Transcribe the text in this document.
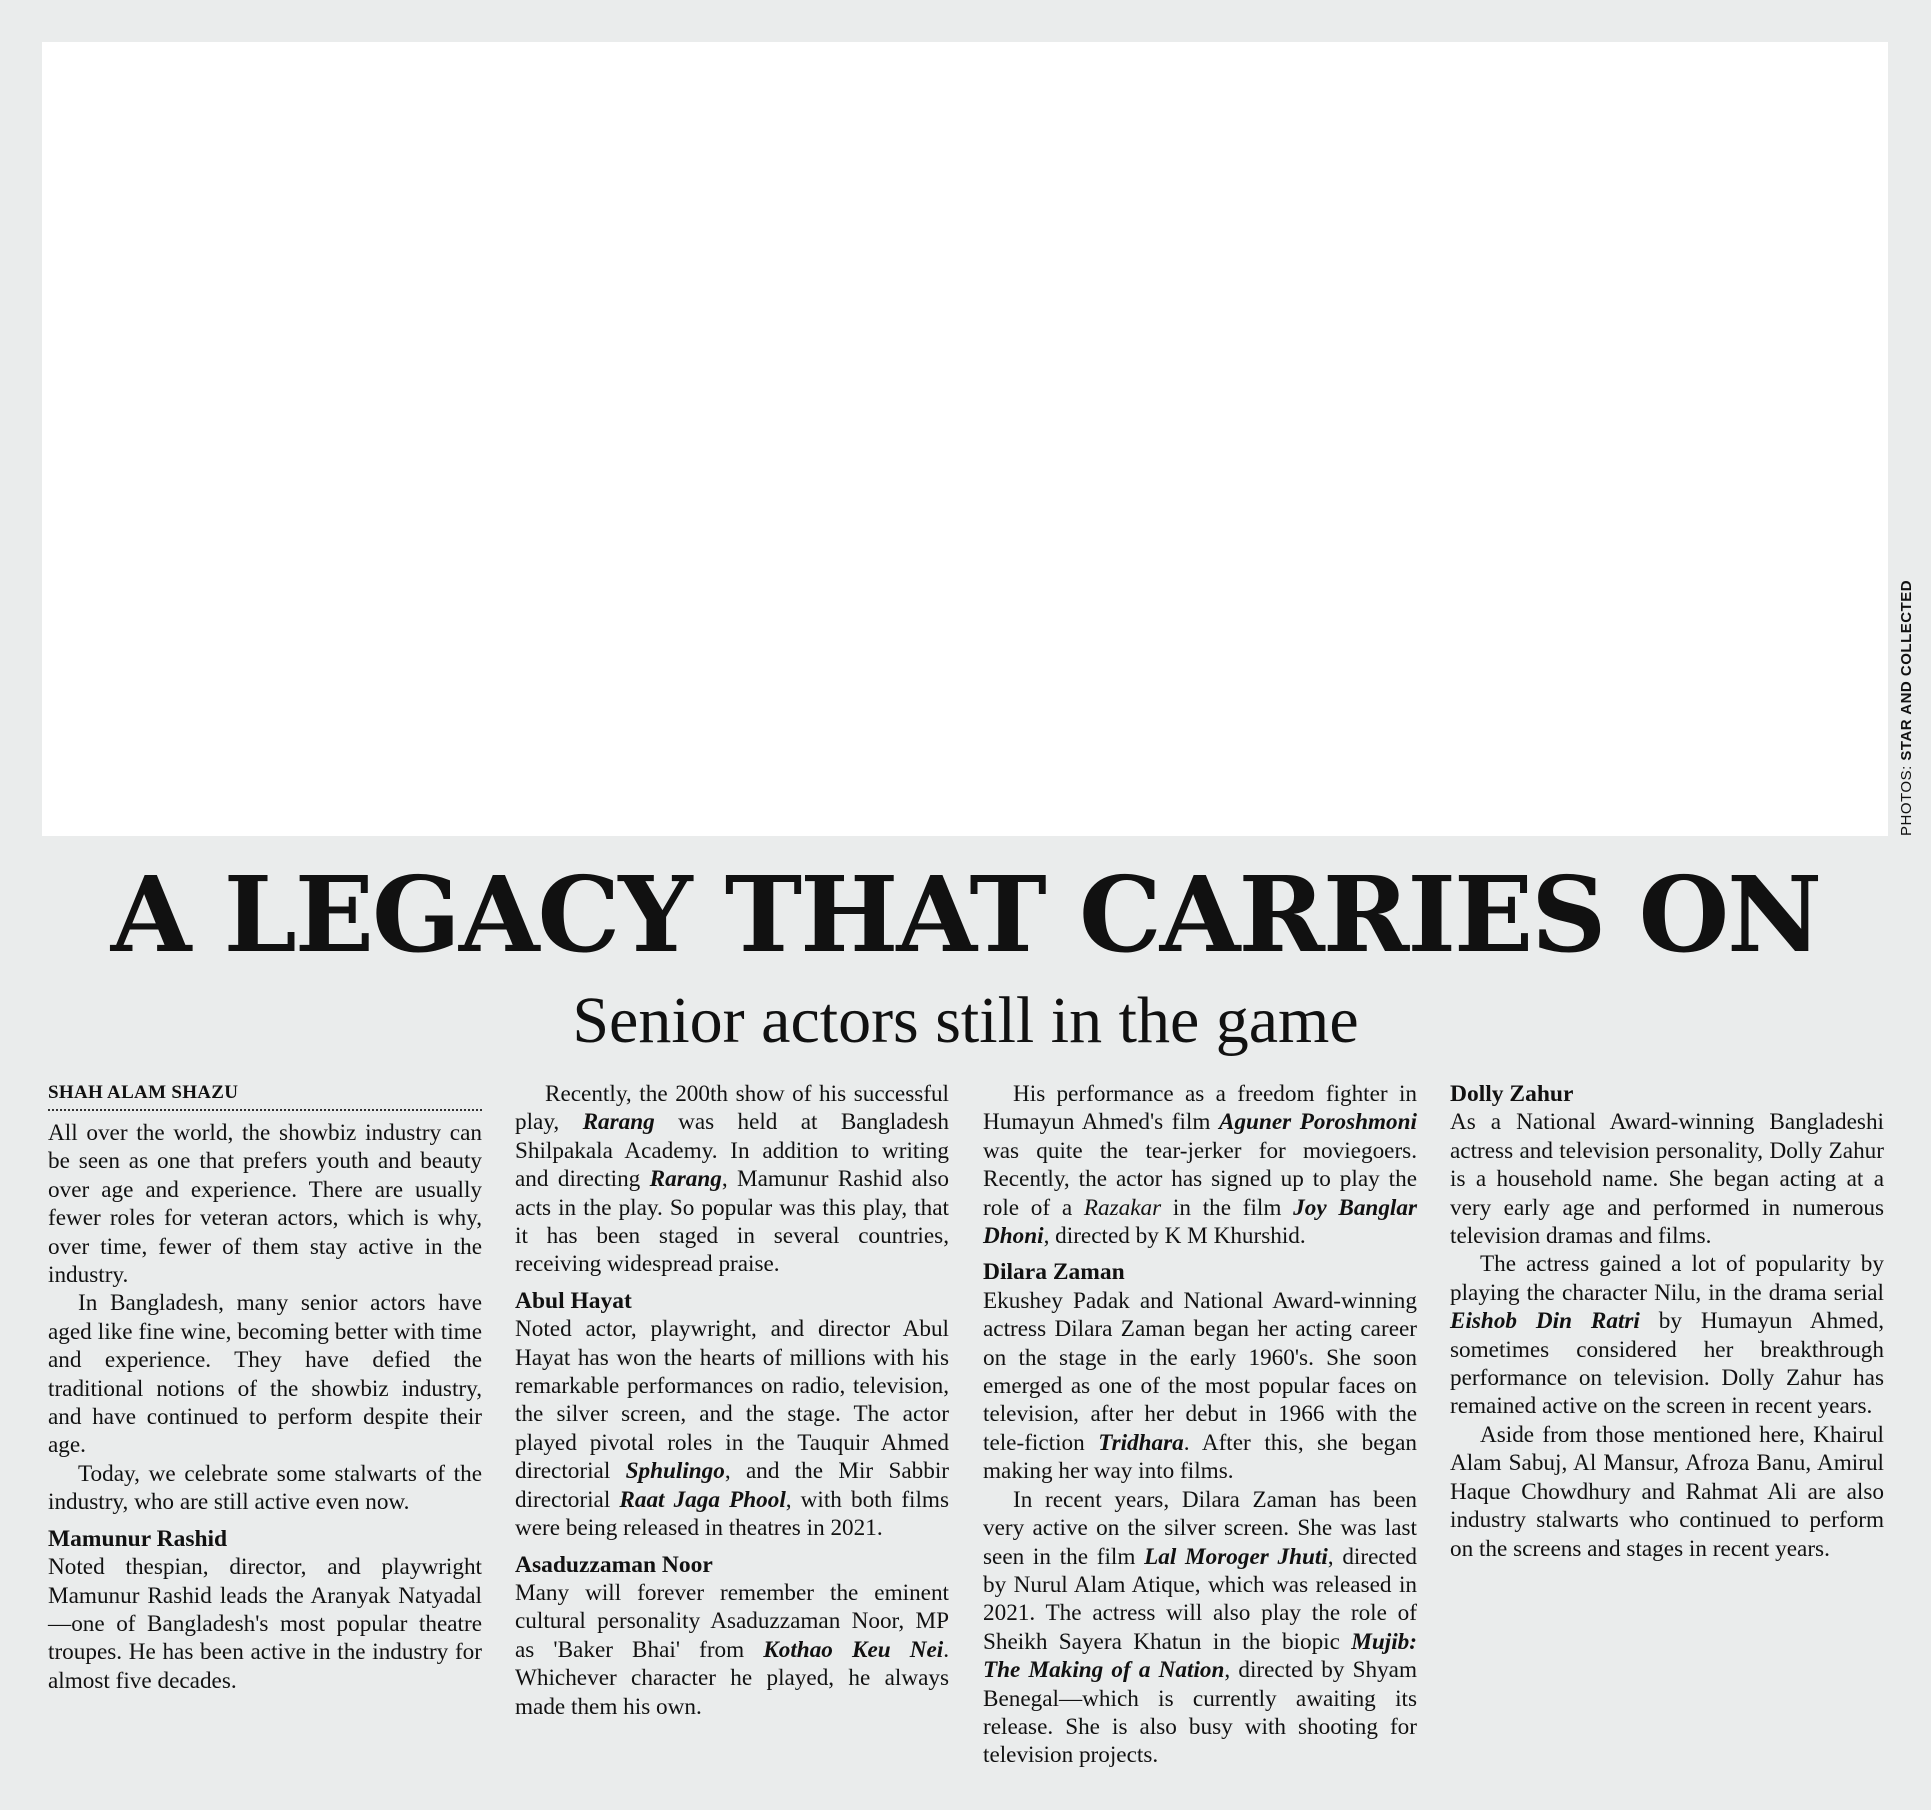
PHOTOS: STAR AND COLLECTED
A LEGACY THAT CARRIES ON
Senior actors still in the game

SHAH ALAM SHAZU

All over the world, the showbiz industry can be seen as one that prefers youth and beauty over age and experience. There are usually fewer roles for veteran actors, which is why, over time, fewer of them stay active in the industry.

In Bangladesh, many senior actors have aged like fine wine, becoming better with time and experience. They have defied the traditional notions of the showbiz industry, and have continued to perform despite their age.

Today, we celebrate some stalwarts of the industry, who are still active even now.

Mamunur Rashid

Noted thespian, director, and playwright Mamunur Rashid leads the Aranyak Natyadal—one of Bangladesh's most popular theatre troupes. He has been active in the industry for almost five decades.

Recently, the 200th show of his successful play, Rarang was held at Bangladesh Shilpakala Academy. In addition to writing and directing Rarang, Mamunur Rashid also acts in the play. So popular was this play, that it has been staged in several countries, receiving widespread praise.

Abul Hayat

Noted actor, playwright, and director Abul Hayat has won the hearts of millions with his remarkable performances on radio, television, the silver screen, and the stage. The actor played pivotal roles in the Tauquir Ahmed directorial Sphulingo, and the Mir Sabbir directorial Raat Jaga Phool, with both films were being released in theatres in 2021.

Asaduzzaman Noor

Many will forever remember the eminent cultural personality Asaduzzaman Noor, MP as 'Baker Bhai' from Kothao Keu Nei. Whichever character he played, he always made them his own.

His performance as a freedom fighter in Humayun Ahmed's film Aguner Poroshmoni was quite the tear-jerker for moviegoers. Recently, the actor has signed up to play the role of a Razakar in the film Joy Banglar Dhoni, directed by K M Khurshid.

Dilara Zaman

Ekushey Padak and National Award-winning actress Dilara Zaman began her acting career on the stage in the early 1960's. She soon emerged as one of the most popular faces on television, after her debut in 1966 with the tele-fiction Tridhara. After this, she began making her way into films.

In recent years, Dilara Zaman has been very active on the silver screen. She was last seen in the film Lal Moroger Jhuti, directed by Nurul Alam Atique, which was released in 2021. The actress will also play the role of Sheikh Sayera Khatun in the biopic Mujib: The Making of a Nation, directed by Shyam Benegal—which is currently awaiting its release. She is also busy with shooting for television projects.

Dolly Zahur

As a National Award-winning Bangladeshi actress and television personality, Dolly Zahur is a household name. She began acting at a very early age and performed in numerous television dramas and films.

The actress gained a lot of popularity by playing the character Nilu, in the drama serial Eishob Din Ratri by Humayun Ahmed, sometimes considered her breakthrough performance on television. Dolly Zahur has remained active on the screen in recent years.

Aside from those mentioned here, Khairul Alam Sabuj, Al Mansur, Afroza Banu, Amirul Haque Chowdhury and Rahmat Ali are also industry stalwarts who continued to perform on the screens and stages in recent years.
